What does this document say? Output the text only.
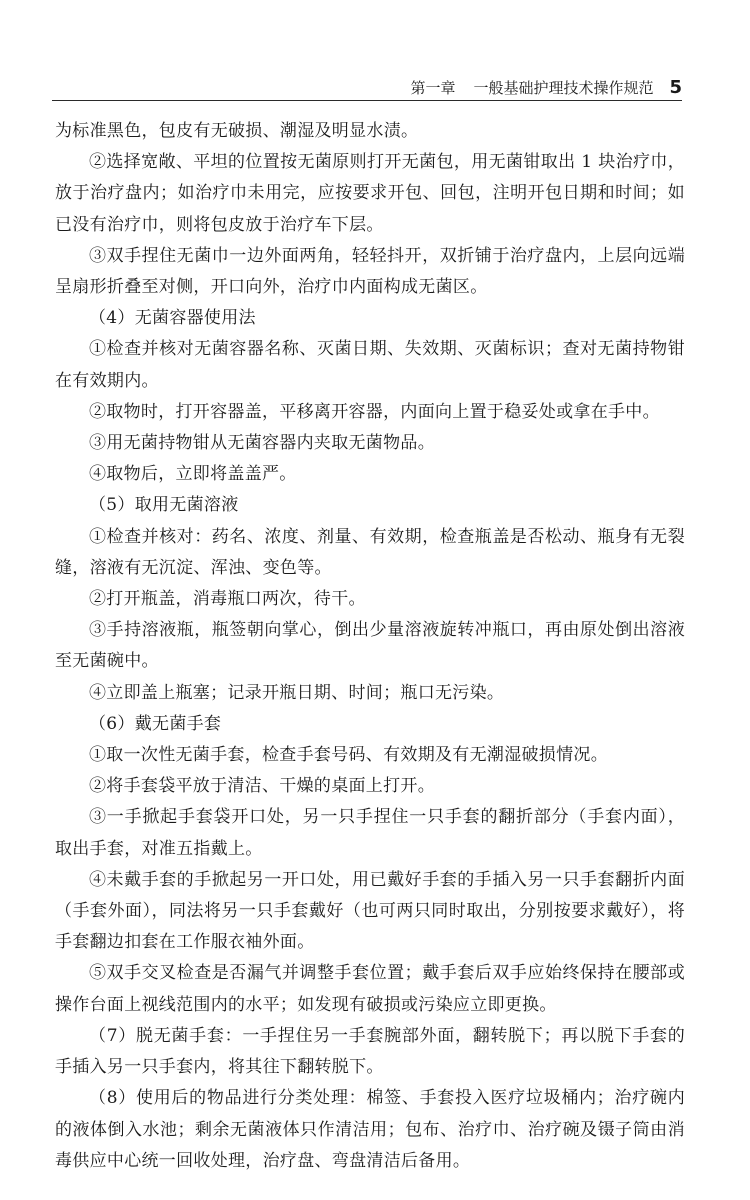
第一章 一般基础护理技术操作规范 5

为标准黑色，包皮有无破损、潮湿及明显水渍。

②选择宽敞、平坦的位置按无菌原则打开无菌包，用无菌钳取出 1 块治疗巾，放于治疗盘内；如治疗巾未用完，应按要求开包、回包，注明开包日期和时间；如已没有治疗巾，则将包皮放于治疗车下层。

③双手捏住无菌巾一边外面两角，轻轻抖开，双折铺于治疗盘内，上层向远端呈扇形折叠至对侧，开口向外，治疗巾内面构成无菌区。

（4）无菌容器使用法

①检查并核对无菌容器名称、灭菌日期、失效期、灭菌标识；查对无菌持物钳在有效期内。

②取物时，打开容器盖，平移离开容器，内面向上置于稳妥处或拿在手中。

③用无菌持物钳从无菌容器内夹取无菌物品。

④取物后，立即将盖盖严。

（5）取用无菌溶液

①检查并核对：药名、浓度、剂量、有效期，检查瓶盖是否松动、瓶身有无裂缝，溶液有无沉淀、浑浊、变色等。

②打开瓶盖，消毒瓶口两次，待干。

③手持溶液瓶，瓶签朝向掌心，倒出少量溶液旋转冲瓶口，再由原处倒出溶液至无菌碗中。

④立即盖上瓶塞；记录开瓶日期、时间；瓶口无污染。

（6）戴无菌手套

①取一次性无菌手套，检查手套号码、有效期及有无潮湿破损情况。

②将手套袋平放于清洁、干燥的桌面上打开。

③一手掀起手套袋开口处，另一只手捏住一只手套的翻折部分（手套内面），取出手套，对准五指戴上。

④未戴手套的手掀起另一开口处，用已戴好手套的手插入另一只手套翻折内面（手套外面），同法将另一只手套戴好（也可两只同时取出，分别按要求戴好），将手套翻边扣套在工作服衣袖外面。

⑤双手交叉检查是否漏气并调整手套位置；戴手套后双手应始终保持在腰部或操作台面上视线范围内的水平；如发现有破损或污染应立即更换。

（7）脱无菌手套：一手捏住另一手套腕部外面，翻转脱下；再以脱下手套的手插入另一只手套内，将其往下翻转脱下。

（8）使用后的物品进行分类处理：棉签、手套投入医疗垃圾桶内；治疗碗内的液体倒入水池；剩余无菌液体只作清洁用；包布、治疗巾、治疗碗及镊子筒由消毒供应中心统一回收处理，治疗盘、弯盘清洁后备用。
